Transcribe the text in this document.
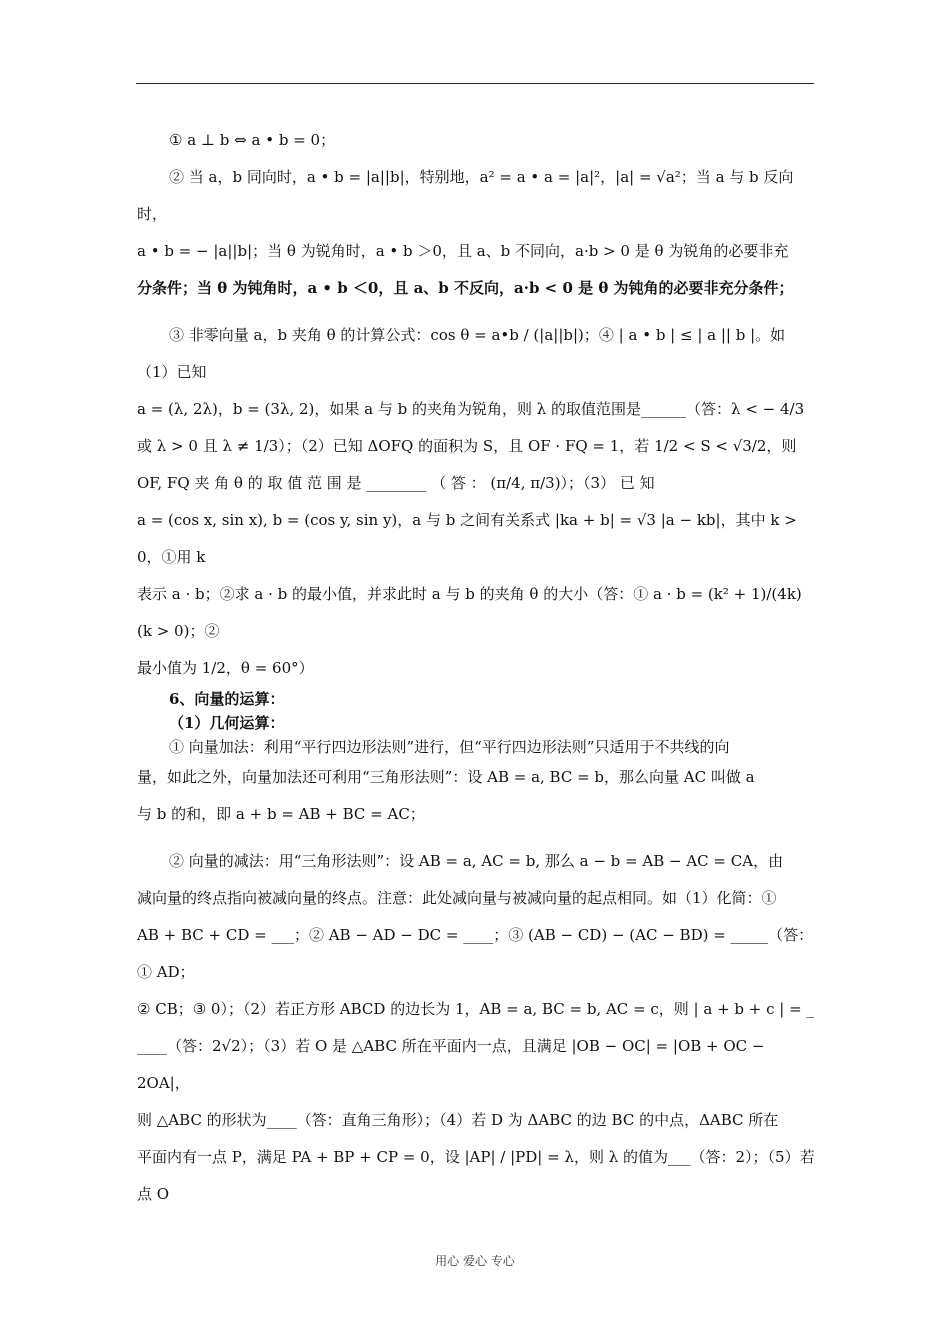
① a ⊥ b ⇔ a • b = 0；

② 当 a，b 同向时，a • b = |a||b|，特别地，a² = a • a = |a|²，|a| = √a²；当 a 与 b 反向时，

a • b = − |a||b|；当 θ 为锐角时，a • b ＞0，且 a、b 不同向，a·b > 0 是 θ 为锐角的必要非充

分条件；当 θ 为钝角时，a • b ＜0，且 a、b 不反向，a·b < 0 是 θ 为钝角的必要非充分条件；

③ 非零向量 a，b 夹角 θ 的计算公式：cos θ = a•b / (|a||b|)；④ | a • b | ≤ | a || b |。如（1）已知

a = (λ, 2λ)，b = (3λ, 2)，如果 a 与 b 的夹角为锐角，则 λ 的取值范围是______（答：λ < − 4/3

或 λ > 0 且 λ ≠ 1/3）；（2）已知 ΔOFQ 的面积为 S，且 OF · FQ = 1，若 1/2 < S < √3/2，则

OF, FQ 夹 角 θ 的 取 值 范 围 是 ________ （ 答 ： (π/4, π/3)）；（3） 已 知

a = (cos x, sin x), b = (cos y, sin y)，a 与 b 之间有关系式 |ka + b| = √3 |a − kb|，其中 k > 0，①用 k

表示 a · b；②求 a · b 的最小值，并求此时 a 与 b 的夹角 θ 的大小（答：① a · b = (k² + 1)/(4k) (k > 0)；②

最小值为 1/2，θ = 60°）

6、向量的运算：

（1）几何运算：

① 向量加法：利用“平行四边形法则”进行，但“平行四边形法则”只适用于不共线的向

量，如此之外，向量加法还可利用“三角形法则”：设 AB = a, BC = b，那么向量 AC 叫做 a

与 b 的和，即 a + b = AB + BC = AC；

② 向量的减法：用“三角形法则”：设 AB = a, AC = b, 那么 a − b = AB − AC = CA，由

减向量的终点指向被减向量的终点。注意：此处减向量与被减向量的起点相同。如（1）化简：①

AB + BC + CD = ___；② AB − AD − DC = ____；③ (AB − CD) − (AC − BD) = _____（答：① AD；

② CB；③ 0）；（2）若正方形 ABCD 的边长为 1，AB = a, BC = b, AC = c，则 | a + b + c | = _

____（答：2√2）；（3）若 O 是 △ABC 所在平面内一点，且满足 |OB − OC| = |OB + OC − 2OA|，

则 △ABC 的形状为____（答：直角三角形）；（4）若 D 为 ΔABC 的边 BC 的中点，ΔABC 所在

平面内有一点 P，满足 PA + BP + CP = 0，设 |AP| / |PD| = λ，则 λ 的值为___（答：2）；（5）若点 O

用心 爱心 专心
